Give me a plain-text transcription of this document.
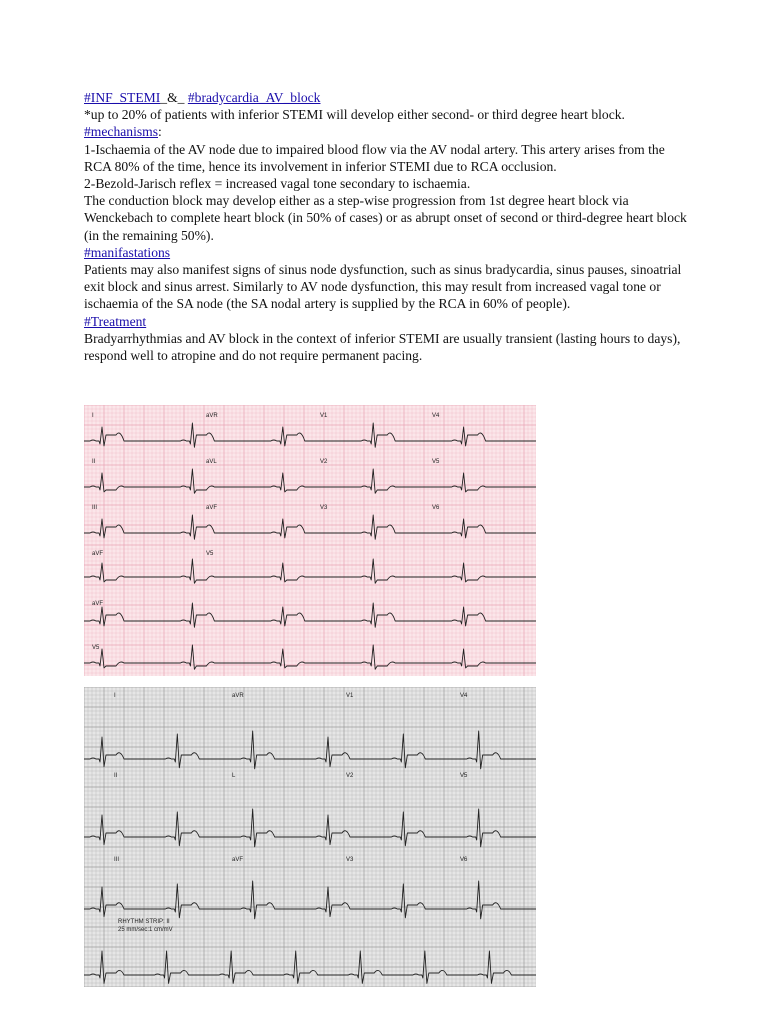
#INF_STEMI_&_ #bradycardia_AV_block

*up to 20% of patients with inferior STEMI will develop either second- or third degree heart block.

#mechanisms:

1-Ischaemia of the AV node due to impaired blood flow via the AV nodal artery. This artery arises from the RCA 80% of the time, hence its involvement in inferior STEMI due to RCA occlusion.

2-Bezold-Jarisch reflex = increased vagal tone secondary to ischaemia.

The conduction block may develop either as a step-wise progression from 1st degree heart block via Wenckebach to complete heart block (in 50% of cases) or as abrupt onset of second or third-degree heart block (in the remaining 50%).

#manifastations

Patients may also manifest signs of sinus node dysfunction, such as sinus bradycardia, sinus pauses, sinoatrial exit block and sinus arrest. Similarly to AV node dysfunction, this may result from increased vagal tone or ischaemia of the SA node (the SA nodal artery is supplied by the RCA in 60% of people).

#Treatment

Bradyarrhythmias and AV block in the context of inferior STEMI are usually transient (lasting hours to days), respond well to atropine and do not require permanent pacing.

I	aVR	V1	V4
II	aVL	V2	V5
III	aVF	V3	V6
aVF	V5
aVF
V5
I	aVR	V1	V4
II	L	V2	V5
III	aVF	V3	V6
RHYTHM STRIP: II
25 mm/sec:1 cm/mV
